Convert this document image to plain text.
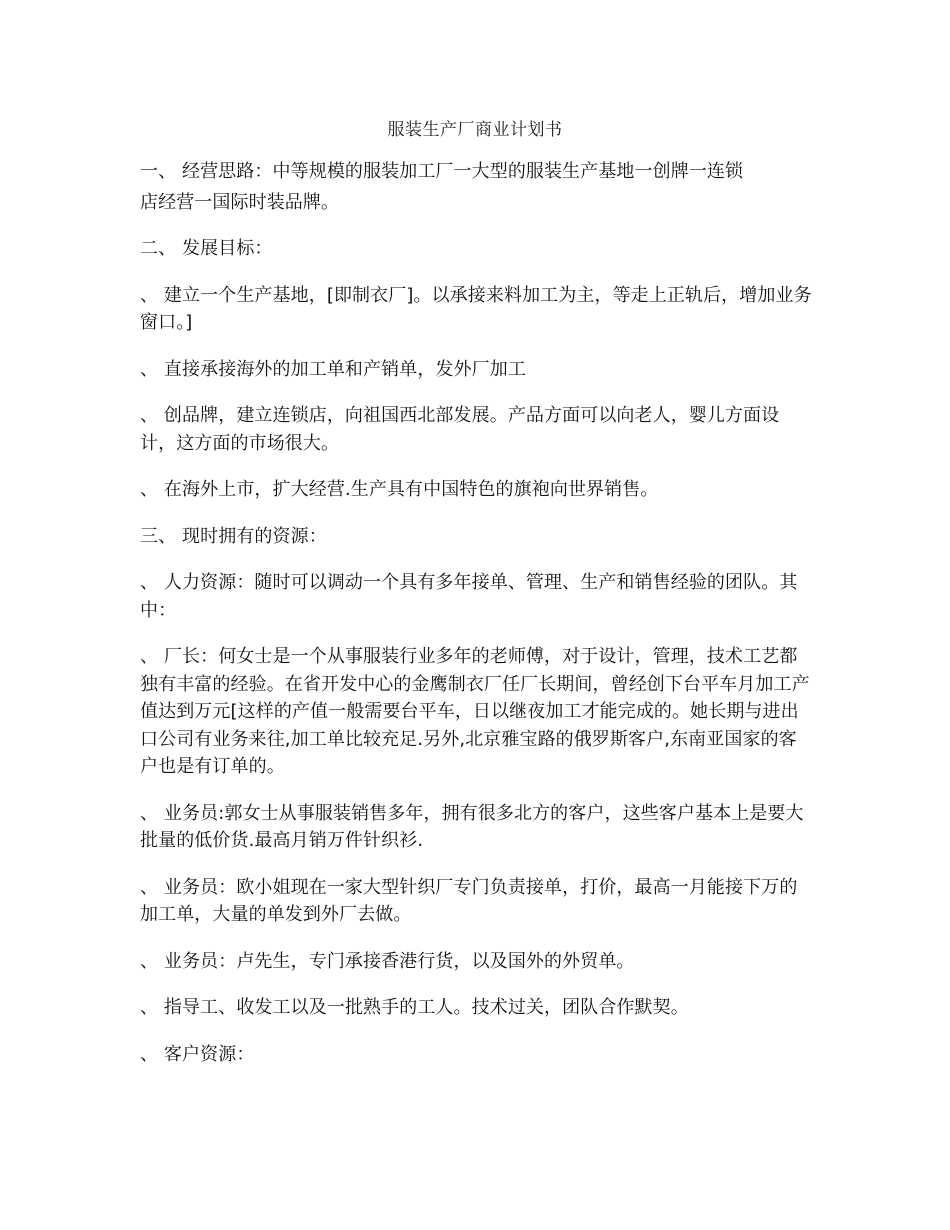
服装生产厂商业计划书

一、 经营思路：中等规模的服装加工厂一大型的服装生产基地一创牌一连锁

店经营一国际时装品牌。

二、 发展目标：

、 建立一个生产基地，[即制衣厂]。以承接来料加工为主，等走上正轨后，增加业务窗口。]

、 直接承接海外的加工单和产销单，发外厂加工

、 创品牌，建立连锁店，向祖国西北部发展。产品方面可以向老人，婴儿方面设计，这方面的市场很大。

、 在海外上市，扩大经营.生产具有中国特色的旗袍向世界销售。

三、 现时拥有的资源：

、 人力资源：随时可以调动一个具有多年接单、管理、生产和销售经验的团队。其中：

、 厂长：何女士是一个从事服装行业多年的老师傅，对于设计，管理，技术工艺都独有丰富的经验。在省开发中心的金鹰制衣厂任厂长期间，曾经创下台平车月加工产值达到万元[这样的产值一般需要台平车，日以继夜加工才能完成的。她长期与进出口公司有业务来往,加工单比较充足.另外,北京雅宝路的俄罗斯客户,东南亚国家的客户也是有订单的。

、 业务员:郭女士从事服装销售多年，拥有很多北方的客户，这些客户基本上是要大批量的低价货.最高月销万件针织衫.

、 业务员：欧小姐现在一家大型针织厂专门负责接单，打价，最高一月能接下万的加工单，大量的单发到外厂去做。

、 业务员：卢先生，专门承接香港行货，以及国外的外贸单。

、 指导工、收发工以及一批熟手的工人。技术过关，团队合作默契。

、 客户资源：
